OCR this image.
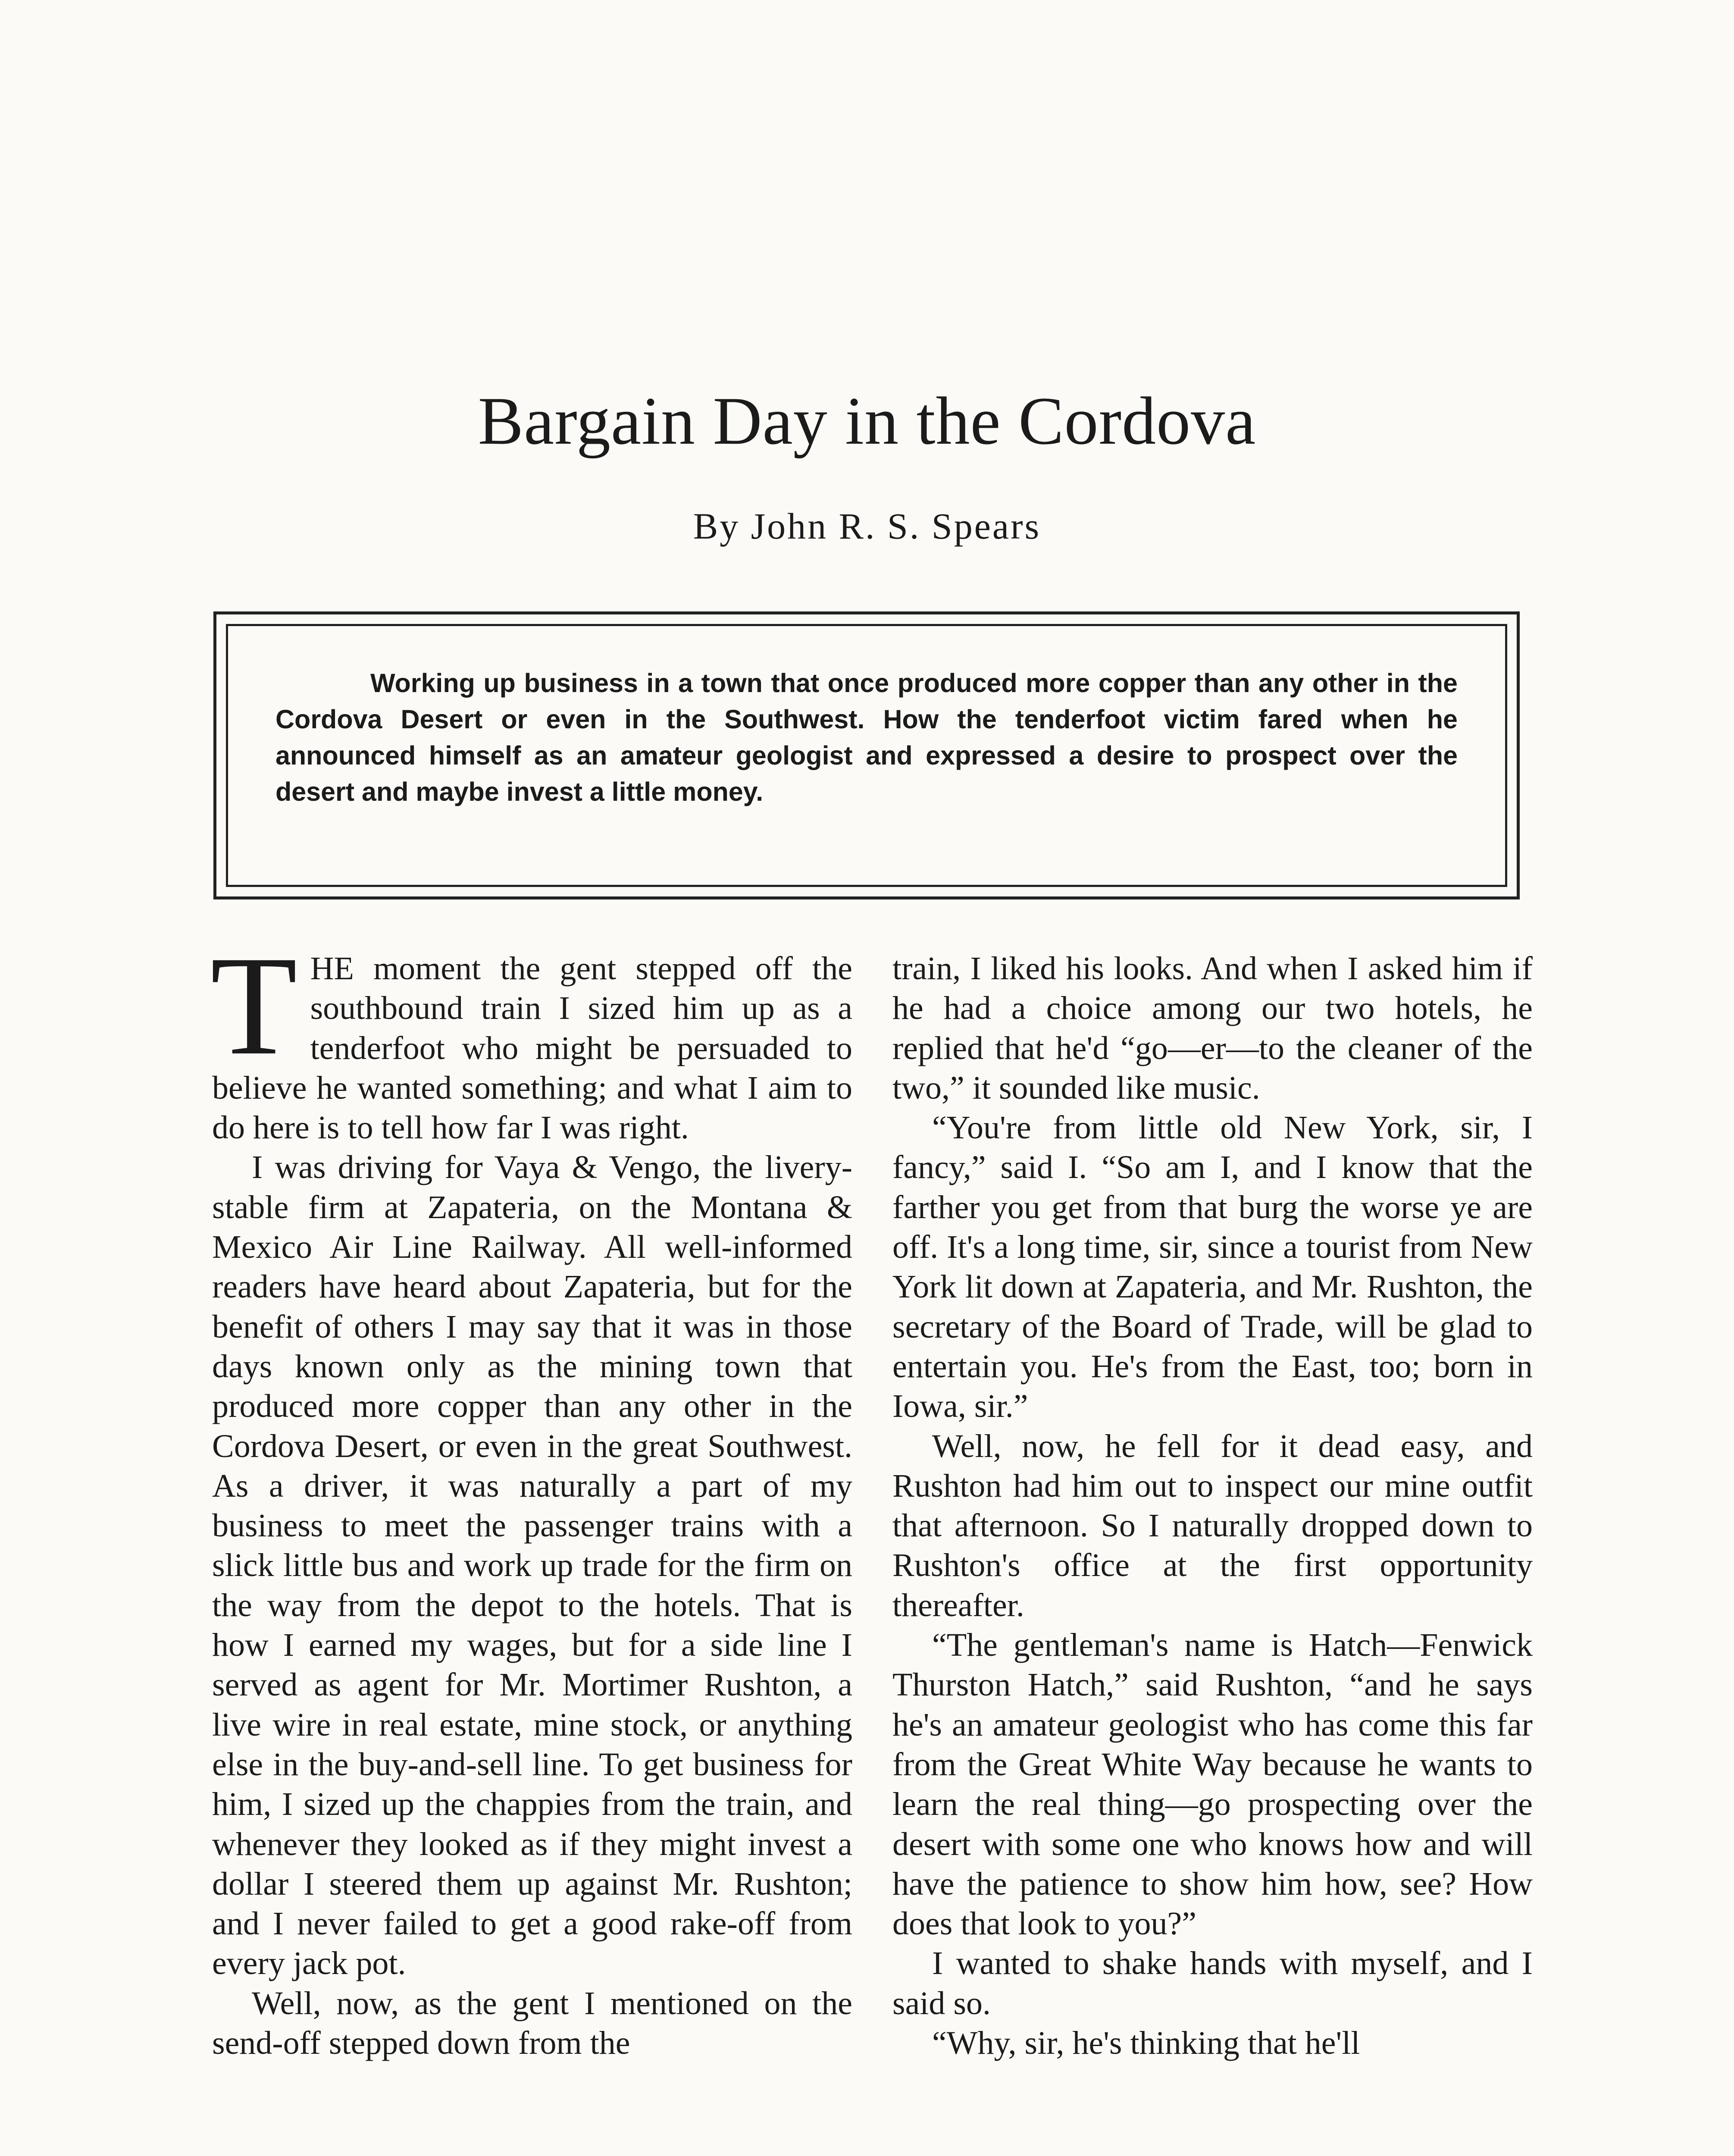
Bargain Day in the Cordova
By John R. S. Spears

Working up business in a town that once produced more copper than any other in the Cordova Desert or even in the Southwest. How the tenderfoot victim fared when he announced himself as an amateur geologist and expressed a desire to prospect over the desert and maybe invest a little money.

THE moment the gent stepped off the southbound train I sized him up as a tenderfoot who might be persuaded to believe he wanted something; and what I aim to do here is to tell how far I was right.

I was driving for Vaya & Vengo, the livery-stable firm at Zapateria, on the Montana & Mexico Air Line Railway. All well-informed readers have heard about Zapateria, but for the benefit of others I may say that it was in those days known only as the mining town that produced more copper than any other in the Cordova Desert, or even in the great Southwest. As a driver, it was naturally a part of my business to meet the passenger trains with a slick little bus and work up trade for the firm on the way from the depot to the hotels. That is how I earned my wages, but for a side line I served as agent for Mr. Mortimer Rushton, a live wire in real estate, mine stock, or anything else in the buy-and-sell line. To get business for him, I sized up the chappies from the train, and whenever they looked as if they might invest a dollar I steered them up against Mr. Rushton; and I never failed to get a good rake-off from every jack pot.

Well, now, as the gent I mentioned on the send-off stepped down from the

train, I liked his looks. And when I asked him if he had a choice among our two hotels, he replied that he'd “go—er—to the cleaner of the two,” it sounded like music.

“You're from little old New York, sir, I fancy,” said I. “So am I, and I know that the farther you get from that burg the worse ye are off. It's a long time, sir, since a tourist from New York lit down at Zapateria, and Mr. Rushton, the secretary of the Board of Trade, will be glad to entertain you. He's from the East, too; born in Iowa, sir.”

Well, now, he fell for it dead easy, and Rushton had him out to inspect our mine outfit that afternoon. So I naturally dropped down to Rushton's office at the first opportunity thereafter.

“The gentleman's name is Hatch—Fenwick Thurston Hatch,” said Rushton, “and he says he's an amateur geologist who has come this far from the Great White Way because he wants to learn the real thing—go prospecting over the desert with some one who knows how and will have the patience to show him how, see? How does that look to you?”

I wanted to shake hands with myself, and I said so.

“Why, sir, he's thinking that he'll
